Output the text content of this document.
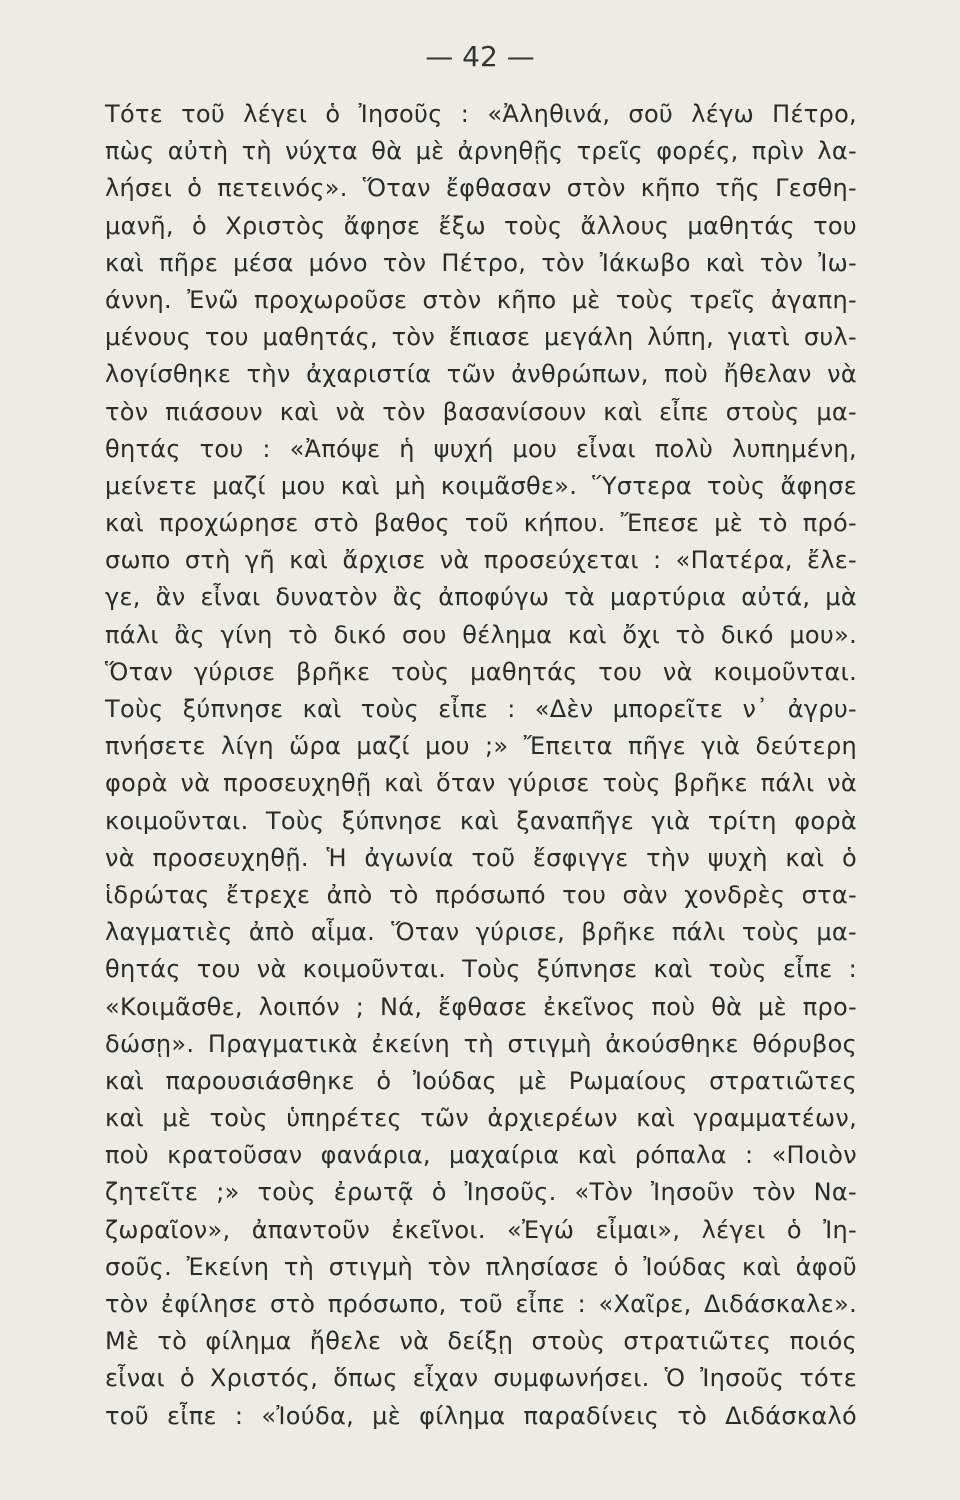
— 42 —
Τότε τοῦ λέγει ὁ Ἰησοῦς : «Ἀληθινά, σοῦ λέγω Πέτρο,
πὼς αὐτὴ τὴ νύχτα θὰ μὲ ἀρνηθῇς τρεῖς φορές, πρὶν λα-
λήσει ὁ πετεινός». Ὅταν ἔφθασαν στὸν κῆπο τῆς Γεσθη-
μανῆ, ὁ Χριστὸς ἄφησε ἔξω τοὺς ἄλλους μαθητάς του
καὶ πῆρε μέσα μόνο τὸν Πέτρο, τὸν Ἰάκωβο καὶ τὸν Ἰω-
άννη. Ἐνῶ προχωροῦσε στὸν κῆπο μὲ τοὺς τρεῖς ἀγαπη-
μένους του μαθητάς, τὸν ἔπιασε μεγάλη λύπη, γιατὶ συλ-
λογίσθηκε τὴν ἀχαριστία τῶν ἀνθρώπων, ποὺ ἤθελαν νὰ
τὸν πιάσουν καὶ νὰ τὸν βασανίσουν καὶ εἶπε στοὺς μα-
θητάς του : «Ἀπόψε ἡ ψυχή μου εἶναι πολὺ λυπημένη,
μείνετε μαζί μου καὶ μὴ κοιμᾶσθε». Ὕστερα τοὺς ἄφησε
καὶ προχώρησε στὸ βαθος τοῦ κήπου. Ἔπεσε μὲ τὸ πρό-
σωπο στὴ γῆ καὶ ἄρχισε νὰ προσεύχεται : «Πατέρα, ἔλε-
γε, ἂν εἶναι δυνατὸν ἂς ἀποφύγω τὰ μαρτύρια αὐτά, μὰ
πάλι ἂς γίνη τὸ δικό σου θέλημα καὶ ὄχι τὸ δικό μου».
Ὅταν γύρισε βρῆκε τοὺς μαθητάς του νὰ κοιμοῦνται.
Τοὺς ξύπνησε καὶ τοὺς εἶπε : «Δὲν μπορεῖτε ν᾽ ἀγρυ-
πνήσετε λίγη ὥρα μαζί μου ;» Ἔπειτα πῆγε γιὰ δεύτερη
φορὰ νὰ προσευχηθῇ καὶ ὅταν γύρισε τοὺς βρῆκε πάλι νὰ
κοιμοῦνται. Τοὺς ξύπνησε καὶ ξαναπῆγε γιὰ τρίτη φορὰ
νὰ προσευχηθῇ. Ἡ ἀγωνία τοῦ ἔσφιγγε τὴν ψυχὴ καὶ ὁ
ἱδρώτας ἔτρεχε ἀπὸ τὸ πρόσωπό του σὰν χονδρὲς στα-
λαγματιὲς ἀπὸ αἷμα. Ὅταν γύρισε, βρῆκε πάλι τοὺς μα-
θητάς του νὰ κοιμοῦνται. Τοὺς ξύπνησε καὶ τοὺς εἶπε :
«Κοιμᾶσθε, λοιπόν ; Νά, ἔφθασε ἐκεῖνος ποὺ θὰ μὲ προ-
δώσῃ». Πραγματικὰ ἐκείνη τὴ στιγμὴ ἀκούσθηκε θόρυβος
καὶ παρουσιάσθηκε ὁ Ἰούδας μὲ Ρωμαίους στρατιῶτες
καὶ μὲ τοὺς ὑπηρέτες τῶν ἀρχιερέων καὶ γραμματέων,
ποὺ κρατοῦσαν φανάρια, μαχαίρια καὶ ρόπαλα : «Ποιὸν
ζητεῖτε ;» τοὺς ἐρωτᾷ ὁ Ἰησοῦς. «Τὸν Ἰησοῦν τὸν Να-
ζωραῖον», ἀπαντοῦν ἐκεῖνοι. «Ἐγώ εἶμαι», λέγει ὁ Ἰη-
σοῦς. Ἐκείνη τὴ στιγμὴ τὸν πλησίασε ὁ Ἰούδας καὶ ἀφοῦ
τὸν ἐφίλησε στὸ πρόσωπο, τοῦ εἶπε : «Χαῖρε, Διδάσκαλε».
Μὲ τὸ φίλημα ἤθελε νὰ δείξῃ στοὺς στρατιῶτες ποιός
εἶναι ὁ Χριστός, ὅπως εἶχαν συμφωνήσει. Ὁ Ἰησοῦς τότε
τοῦ εἶπε : «Ἰούδα, μὲ φίλημα παραδίνεις τὸ Διδάσκαλό
